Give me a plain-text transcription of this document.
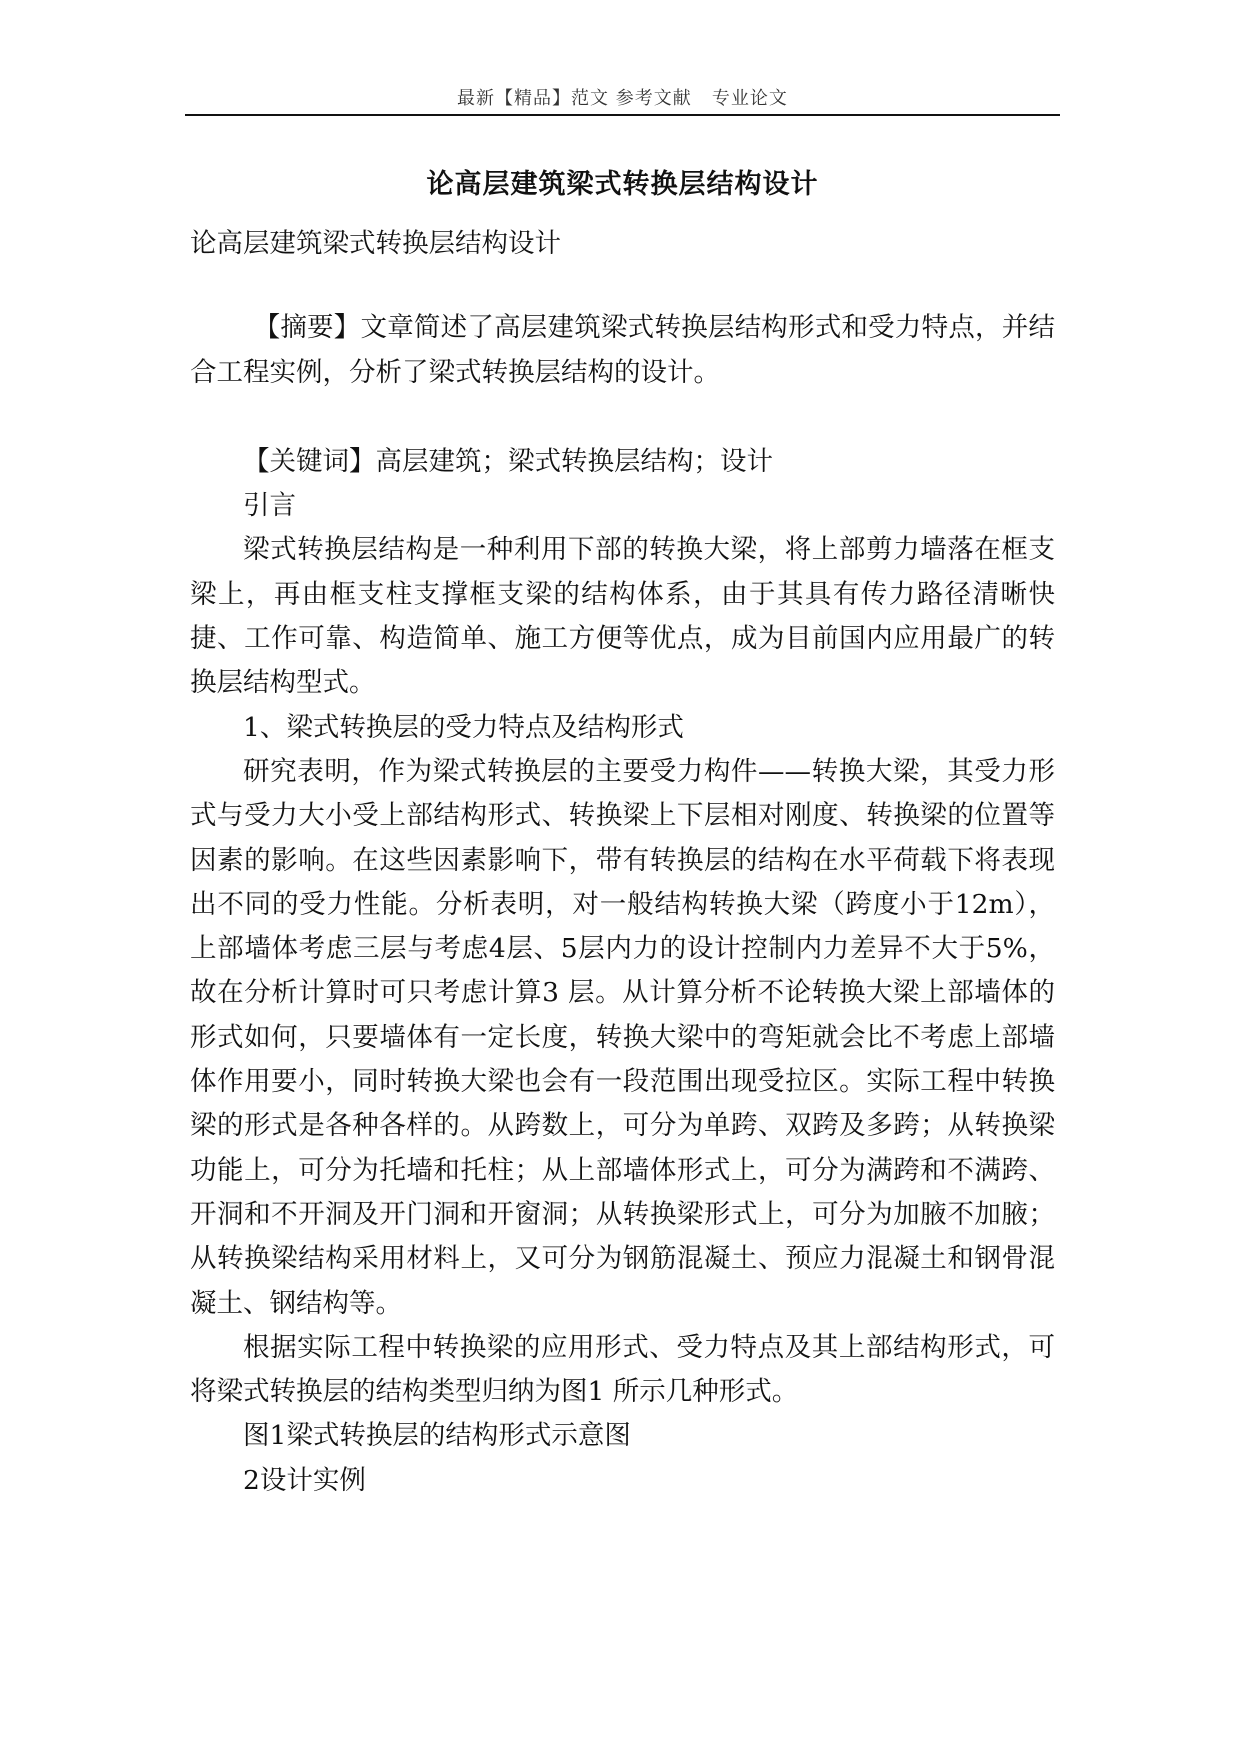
最新【精品】范文 参考文献   专业论文
论高层建筑梁式转换层结构设计

论高层建筑梁式转换层结构设计

【摘要】文章简述了高层建筑梁式转换层结构形式和受力特点，并结合工程实例，分析了梁式转换层结构的设计。

【关键词】高层建筑；梁式转换层结构；设计

引言

梁式转换层结构是一种利用下部的转换大梁，将上部剪力墙落在框支梁上，再由框支柱支撑框支梁的结构体系，由于其具有传力路径清晰快捷、工作可靠、构造简单、施工方便等优点，成为目前国内应用最广的转换层结构型式。

1、梁式转换层的受力特点及结构形式

研究表明，作为梁式转换层的主要受力构件——转换大梁，其受力形式与受力大小受上部结构形式、转换梁上下层相对刚度、转换梁的位置等因素的影响。在这些因素影响下，带有转换层的结构在水平荷载下将表现出不同的受力性能。分析表明，对一般结构转换大梁（跨度小于12m），上部墙体考虑三层与考虑4层、5层内力的设计控制内力差异不大于5%，故在分析计算时可只考虑计算3 层。从计算分析不论转换大梁上部墙体的形式如何，只要墙体有一定长度，转换大梁中的弯矩就会比不考虑上部墙体作用要小，同时转换大梁也会有一段范围出现受拉区。实际工程中转换梁的形式是各种各样的。从跨数上，可分为单跨、双跨及多跨；从转换梁功能上，可分为托墙和托柱；从上部墙体形式上，可分为满跨和不满跨、开洞和不开洞及开门洞和开窗洞；从转换梁形式上，可分为加腋不加腋；从转换梁结构采用材料上，又可分为钢筋混凝土、预应力混凝土和钢骨混凝土、钢结构等。

根据实际工程中转换梁的应用形式、受力特点及其上部结构形式，可将梁式转换层的结构类型归纳为图1 所示几种形式。

图1梁式转换层的结构形式示意图

2设计实例
